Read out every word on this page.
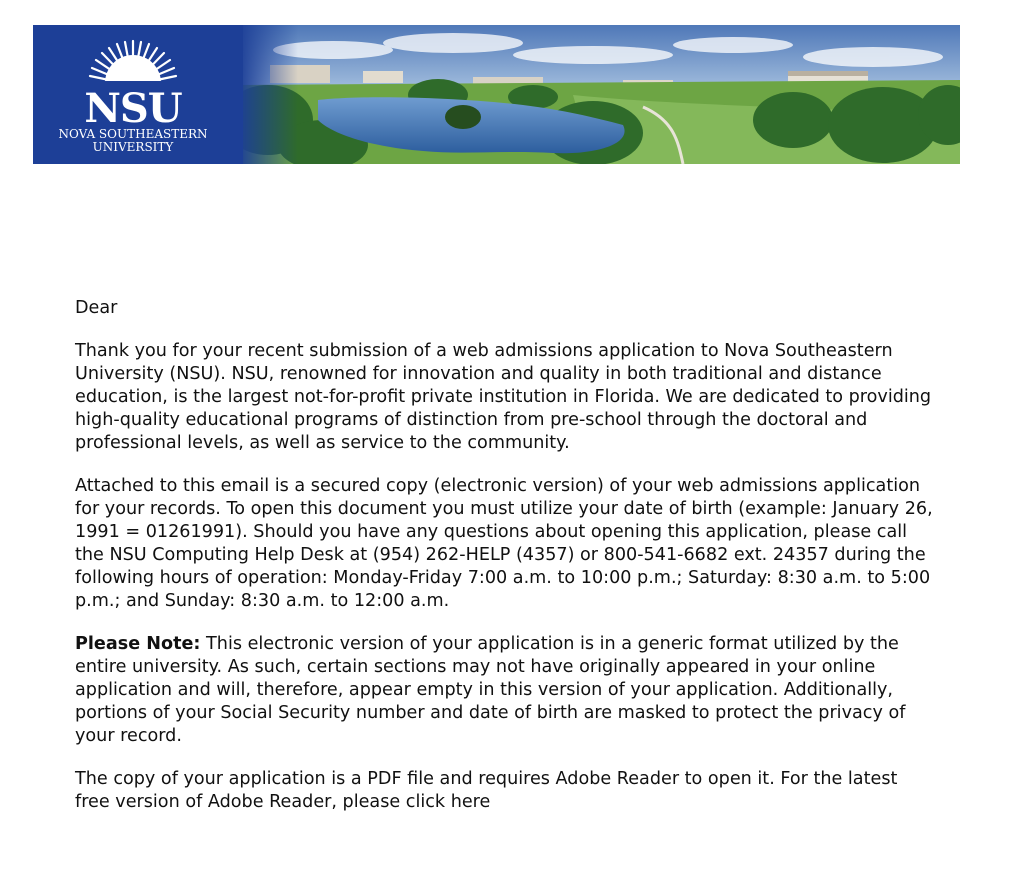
NSU
NOVA SOUTHEASTERN
UNIVERSITY

Dear

Thank you for your recent submission of a web admissions application to Nova Southeastern University (NSU). NSU, renowned for innovation and quality in both traditional and distance education, is the largest not-for-profit private institution in Florida. We are dedicated to providing high-quality educational programs of distinction from pre-school through the doctoral and professional levels, as well as service to the community.

Attached to this email is a secured copy (electronic version) of your web admissions application for your records. To open this document you must utilize your date of birth (example: January 26, 1991 = 01261991). Should you have any questions about opening this application, please call the NSU Computing Help Desk at (954) 262-HELP (4357) or 800-541-6682 ext. 24357 during the following hours of operation: Monday-Friday 7:00 a.m. to 10:00 p.m.; Saturday: 8:30 a.m. to 5:00 p.m.; and Sunday: 8:30 a.m. to 12:00 a.m.

Please Note: This electronic version of your application is in a generic format utilized by the entire university. As such, certain sections may not have originally appeared in your online application and will, therefore, appear empty in this version of your application. Additionally, portions of your Social Security number and date of birth are masked to protect the privacy of your record.

The copy of your application is a PDF file and requires Adobe Reader to open it. For the latest free version of Adobe Reader, please click here
